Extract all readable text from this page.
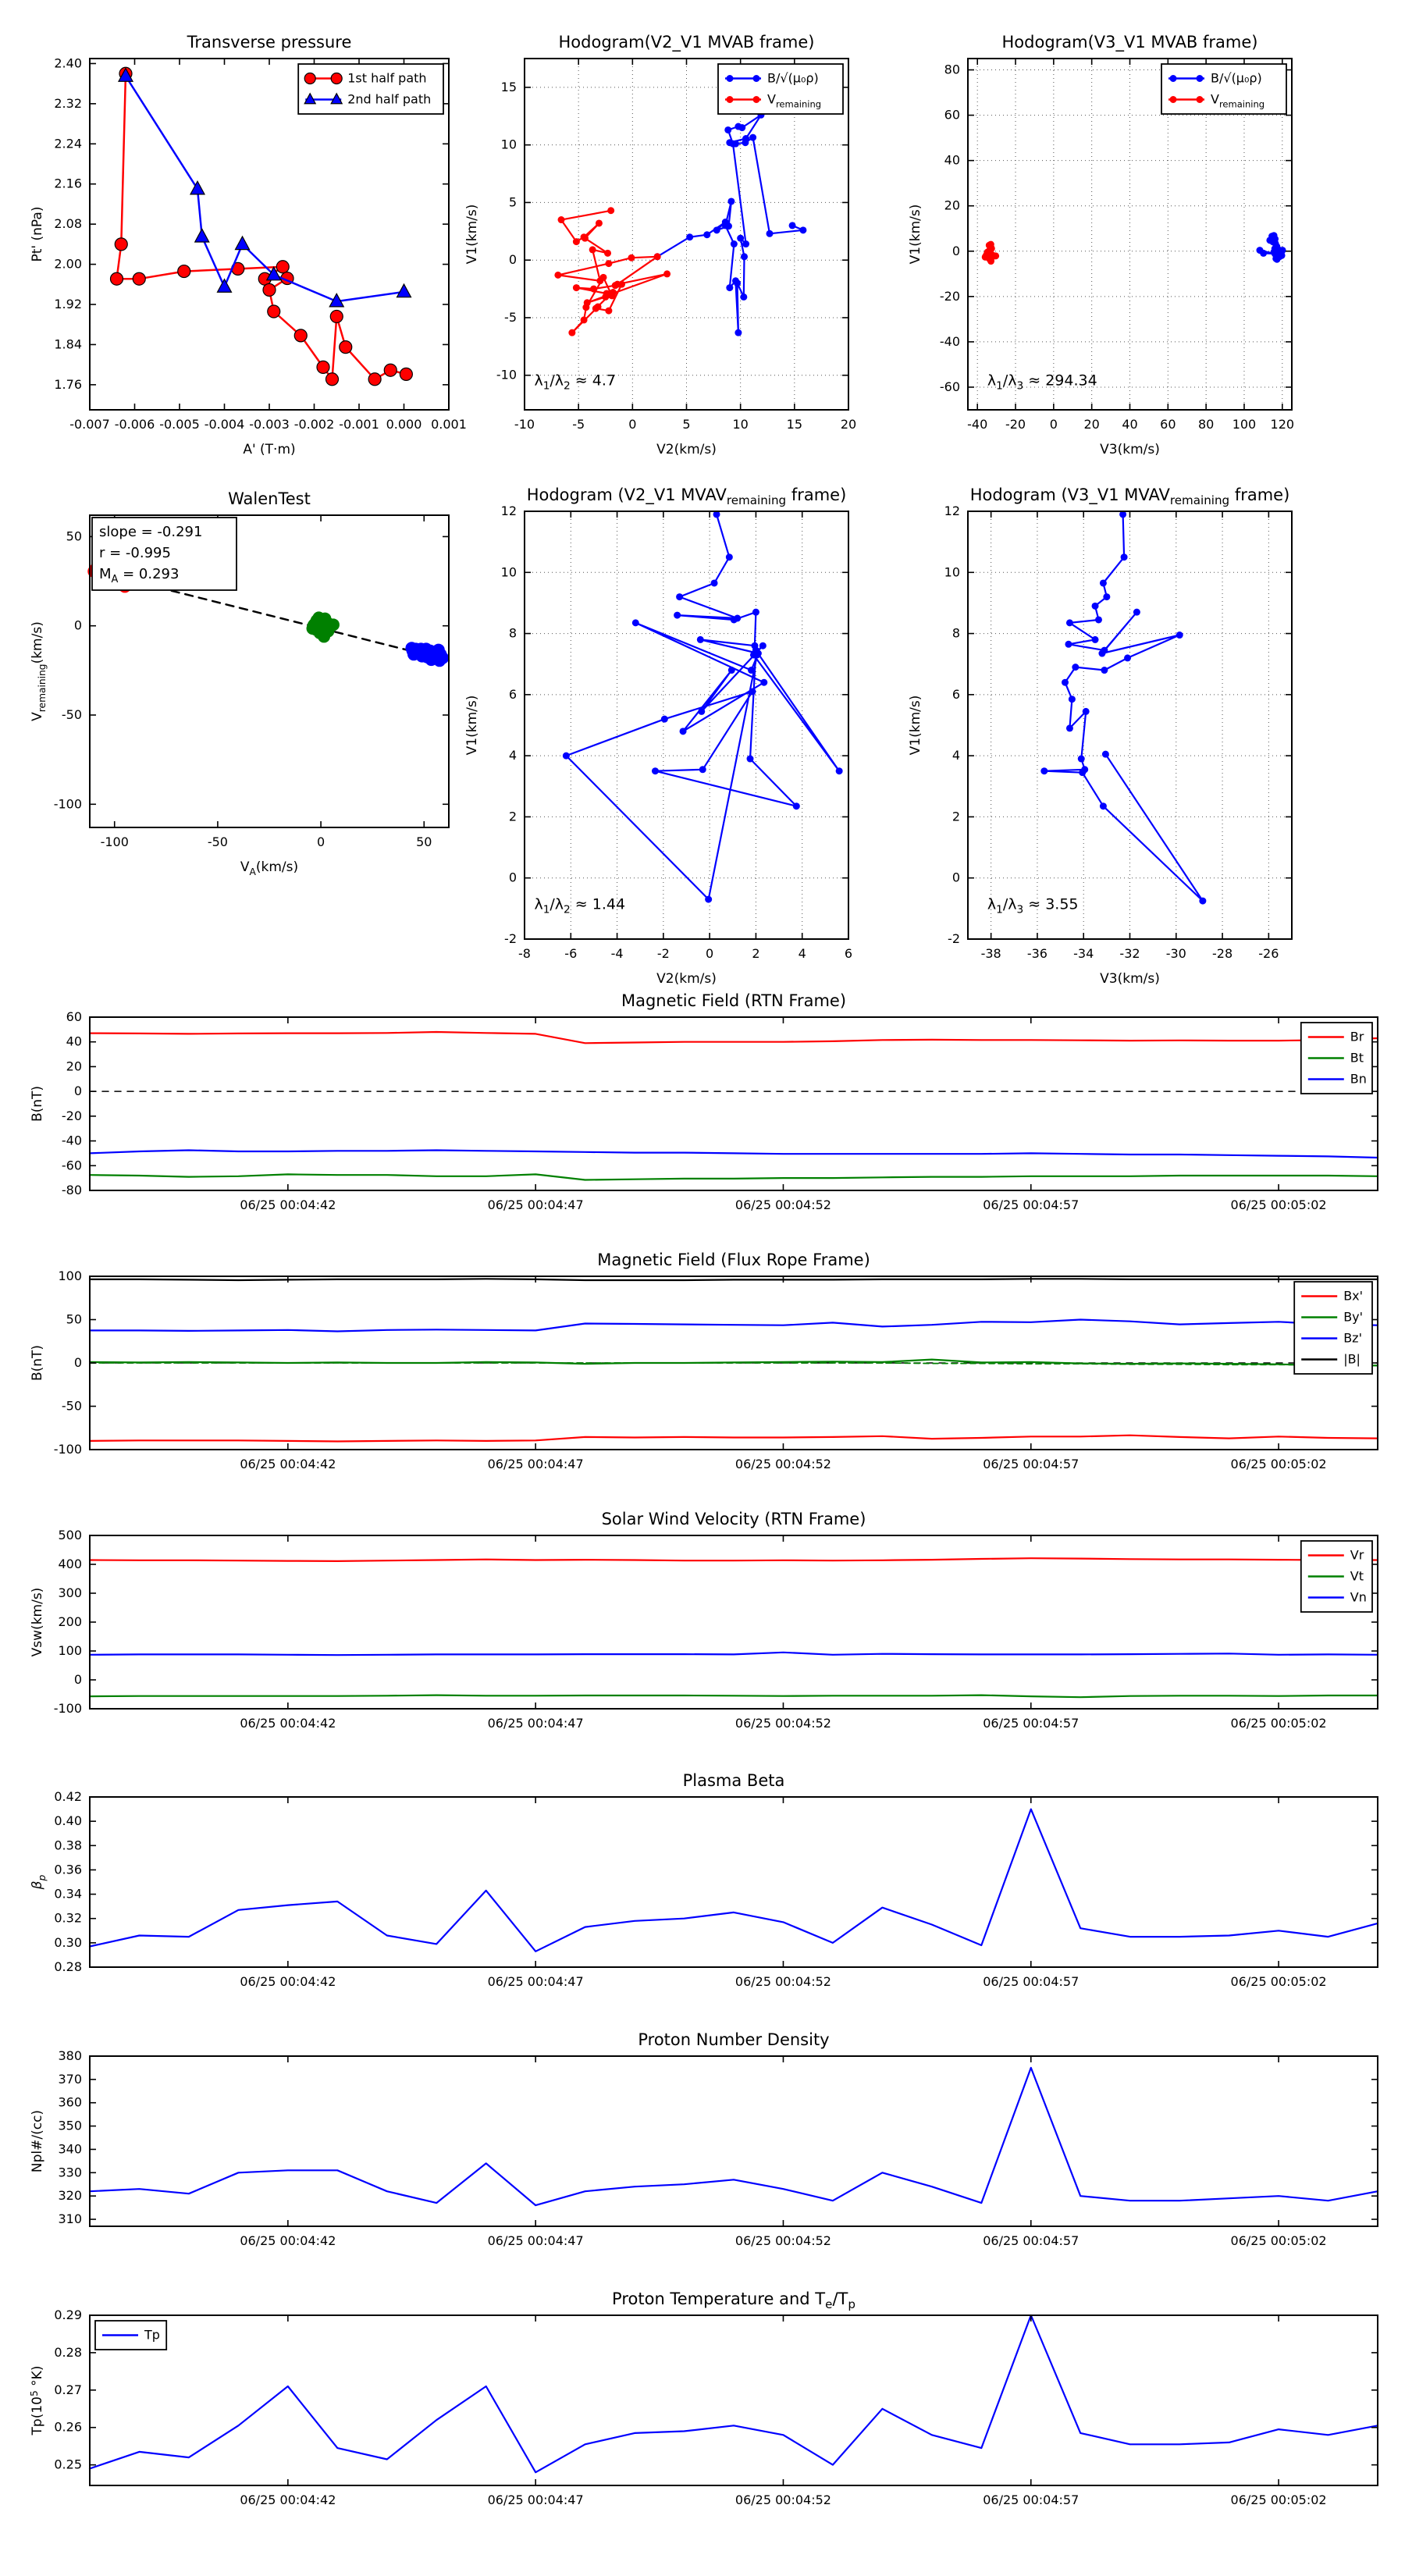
-0.007 -0.006 -0.005 -0.004 -0.003 -0.002 -0.001 0.000 0.001
1.76
1.84
1.92
2.00
2.08
2.16
2.24
2.32
2.40
Transverse pressure
A' (T·m)
Pt' (nPa)
1st half path
2nd half path
-10	-5	0	5	10	15	20
-10
-5
0
5
10
15
Hodogram(V2_V1 MVAB frame)
V2(km/s)
V1(km/s)
$\lambda_1/\lambda_2 \approx 4.7$
B/√(μ₀ρ)
$V_{remaining}$
-40 -20 0 20 40 60 80 100 120
-60
-40
-20
0
20
40
60
80
Hodogram(V3_V1 MVAB frame)
V3(km/s)
V1(km/s)
$\lambda_1/\lambda_3 \approx 294.34$
B/√(μ₀ρ)
$V_{remaining}$
-100	-50	0	50
-100
-50
0
50
WalenTest
$V_A(km/s)$
$V_{remaining}(km/s)$
slope = -0.291
r = -0.995
$M_A = 0.293$
-8	-6	-4	-2	0	2	4	6
-2
0
2
4
6
8
10
12
Hodogram (V2_V1 $MVAV_{remaining}$ frame)
V2(km/s)
V1(km/s)
$\lambda_1/\lambda_2 \approx 1.44$
-38 -36 -34 -32 -30 -28 -26
-2
0
2
4
6
8
10
12
Hodogram (V3_V1 $MVAV_{remaining}$ frame)
V3(km/s)
V1(km/s)
$\lambda_1/\lambda_3 \approx 3.55$
06/25 00:04:42	06/25 00:04:47	06/25 00:04:52	06/25 00:04:57	06/25 00:05:02
-80
-60
-40
-20
0
20
40
60
Magnetic Field (RTN Frame)
B(nT)
Br
Bt
Bn
06/25 00:04:42	06/25 00:04:47	06/25 00:04:52	06/25 00:04:57	06/25 00:05:02
-100
-50
0
50
100
Magnetic Field (Flux Rope Frame)
B(nT)
Bx'
By'
Bz'
|B|
06/25 00:04:42	06/25 00:04:47	06/25 00:04:52	06/25 00:04:57	06/25 00:05:02
-100
0
100
200
300
400
500
Solar Wind Velocity (RTN Frame)
Vsw(km/s)
Vr
Vt
Vn
06/25 00:04:42	06/25 00:04:47	06/25 00:04:52	06/25 00:04:57	06/25 00:05:02
0.28
0.30
0.32
0.34
0.36
0.38
0.40
0.42
Plasma Beta
$\beta_p$
06/25 00:04:42	06/25 00:04:47	06/25 00:04:52	06/25 00:04:57	06/25 00:05:02
310
320
330
340
350
360
370
380
Proton Number Density
Npl#/(cc)
06/25 00:04:42	06/25 00:04:47	06/25 00:04:52	06/25 00:04:57	06/25 00:05:02
0.25
0.26
0.27
0.28
0.29
Proton Temperature and $T_e/T_p$
$Tp(10^5$ °K)
Tp
